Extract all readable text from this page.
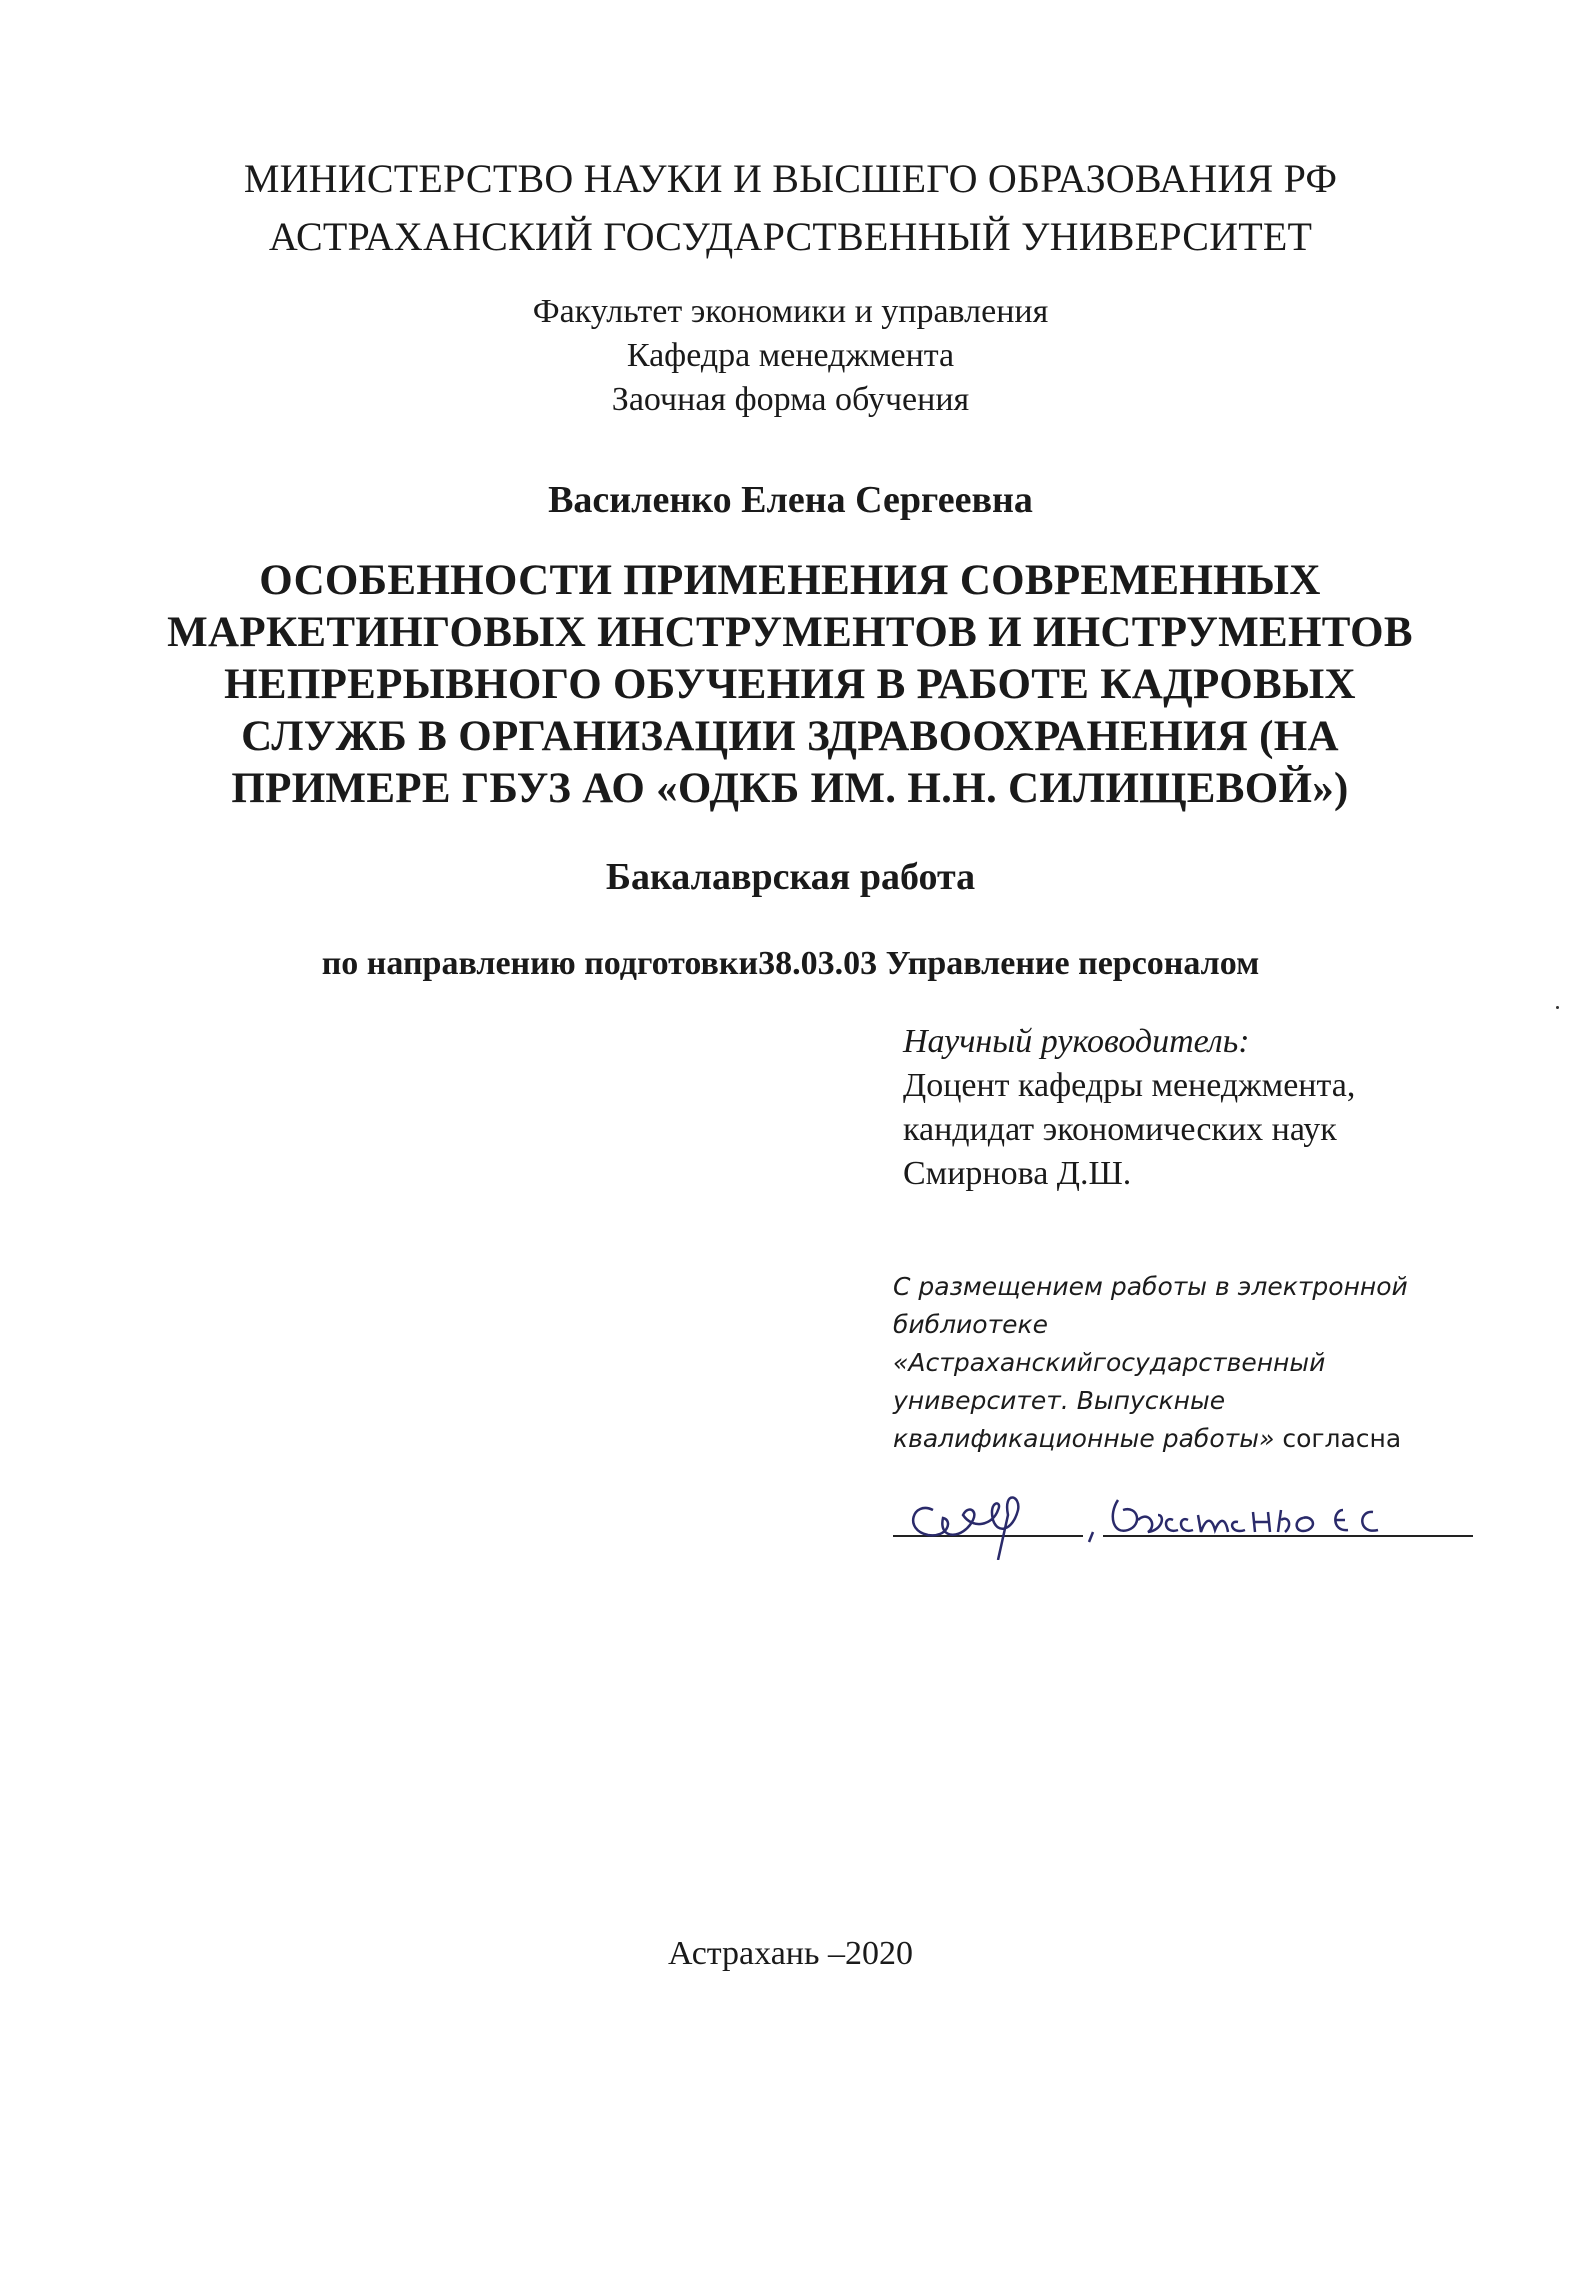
МИНИСТЕРСТВО НАУКИ И ВЫСШЕГО ОБРАЗОВАНИЯ РФ
АСТРАХАНСКИЙ ГОСУДАРСТВЕННЫЙ УНИВЕРСИТЕТ
Факультет экономики и управления
Кафедра менеджмента
Заочная форма обучения
Василенко Елена Сергеевна
ОСОБЕННОСТИ ПРИМЕНЕНИЯ СОВРЕМЕННЫХ
МАРКЕТИНГОВЫХ ИНСТРУМЕНТОВ И ИНСТРУМЕНТОВ
НЕПРЕРЫВНОГО ОБУЧЕНИЯ В РАБОТЕ КАДРОВЫХ
СЛУЖБ В ОРГАНИЗАЦИИ ЗДРАВООХРАНЕНИЯ (НА
ПРИМЕРЕ ГБУЗ АО «ОДКБ ИМ. Н.Н. СИЛИЩЕВОЙ»)
Бакалаврская работа
по направлению подготовки38.03.03 Управление персоналом
Научный руководитель:
Доцент кафедры менеджмента,
кандидат экономических наук
Смирнова Д.Ш.
С размещением работы в электронной
библиотеке
«Астраханскийгосударственный
университет. Выпускные
квалификационные работы» согласна
Астрахань –2020
